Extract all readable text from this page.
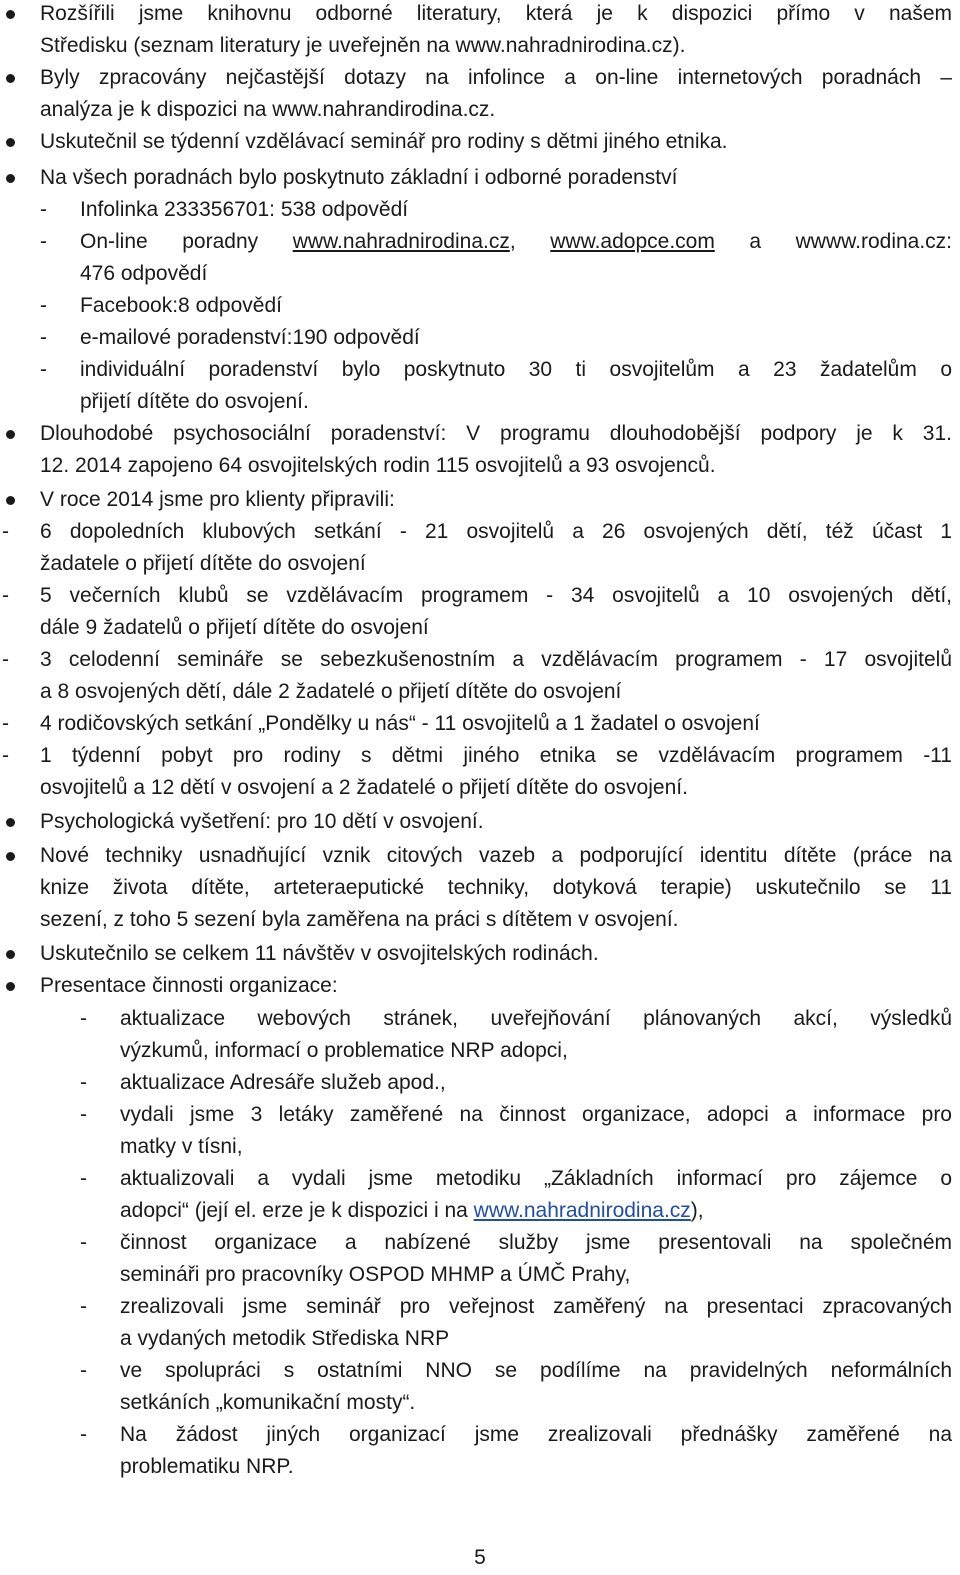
5
Rozšířili jsme knihovnu odborné literatury, která je k dispozici přímo v našem
Středisku (seznam literatury je uveřejněn na www.nahradnirodina.cz).
Byly zpracovány nejčastější dotazy na infolince a on-line internetových poradnách –
analýza je k dispozici na www.nahrandirodina.cz.
Uskutečnil se týdenní vzdělávací seminář pro rodiny s dětmi jiného etnika.
Na všech poradnách bylo poskytnuto základní i odborné poradenství
- Infolinka 233356701: 538 odpovědí
- On-line poradny www.nahradnirodina.cz, www.adopce.com a wwww.rodina.cz:
476 odpovědí
- Facebook:8 odpovědí
- e-mailové poradenství:190 odpovědí
- individuální poradenství bylo poskytnuto 30 ti osvojitelům a 23 žadatelům o
přijetí dítěte do osvojení.
Dlouhodobé psychosociální poradenství: V programu dlouhodobější podpory je k 31.
12. 2014 zapojeno 64 osvojitelských rodin 115 osvojitelů a 93 osvojenců.
V roce 2014 jsme pro klienty připravili:
- 6 dopoledních klubových setkání - 21 osvojitelů a 26 osvojených dětí, též účast 1
žadatele o přijetí dítěte do osvojení
- 5 večerních klubů se vzdělávacím programem - 34 osvojitelů a 10 osvojených dětí,
dále 9 žadatelů o přijetí dítěte do osvojení
- 3 celodenní semináře se sebezkušenostním a vzdělávacím programem - 17 osvojitelů
a 8 osvojených dětí, dále 2 žadatelé o přijetí dítěte do osvojení
- 4 rodičovských setkání „Pondělky u nás“ - 11 osvojitelů a 1 žadatel o osvojení
- 1 týdenní pobyt pro rodiny s dětmi jiného etnika se vzdělávacím programem -11
osvojitelů a 12 dětí v osvojení a 2 žadatelé o přijetí dítěte do osvojení.
Psychologická vyšetření: pro 10 dětí v osvojení.
Nové techniky usnadňující vznik citových vazeb a podporující identitu dítěte (práce na
knize života dítěte, arteteraeputické techniky, dotyková terapie) uskutečnilo se 11
sezení, z toho 5 sezení byla zaměřena na práci s dítětem v osvojení.
Uskutečnilo se celkem 11 návštěv v osvojitelských rodinách.
Presentace činnosti organizace:
- aktualizace webových stránek, uveřejňování plánovaných akcí, výsledků
výzkumů, informací o problematice NRP adopci,
- aktualizace Adresáře služeb apod.,
- vydali jsme 3 letáky zaměřené na činnost organizace, adopci a informace pro
matky v tísni,
- aktualizovali a vydali jsme metodiku „Základních informací pro zájemce o
adopci“ (její el. erze je k dispozici i na www.nahradnirodina.cz),
- činnost organizace a nabízené služby jsme presentovali na společném
semináři pro pracovníky OSPOD MHMP a ÚMČ Prahy,
- zrealizovali jsme seminář pro veřejnost zaměřený na presentaci zpracovaných
a vydaných metodik Střediska NRP
- ve spolupráci s ostatními NNO se podílíme na pravidelných neformálních
setkáních „komunikační mosty“.
- Na žádost jiných organizací jsme zrealizovali přednášky zaměřené na
problematiku NRP.
